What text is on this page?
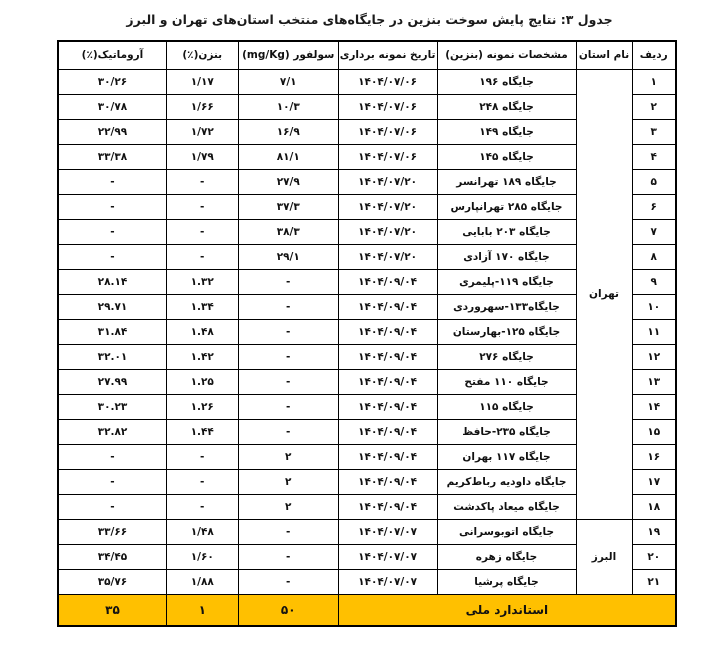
جدول ۳: نتایج پایش سوخت بنزین در جایگاه‌های منتخب استان‌های تهران و البرز
ردیف	نام استان	مشخصات نمونه (بنزین)	تاریخ نمونه برداری	سولفور (mg/Kg)	بنزن(٪)	آروماتیک(٪)
۱	تهران	جایگاه ۱۹۶	۱۴۰۴/۰۷/۰۶	۷/۱	۱/۱۷	۳۰/۲۶
۲		جایگاه ۲۴۸	۱۴۰۴/۰۷/۰۶	۱۰/۳	۱/۶۶	۳۰/۷۸
۳		جایگاه ۱۴۹	۱۴۰۴/۰۷/۰۶	۱۶/۹	۱/۷۲	۲۲/۹۹
۴		جایگاه ۱۴۵	۱۴۰۴/۰۷/۰۶	۸۱/۱	۱/۷۹	۳۳/۳۸
۵		جایگاه ۱۸۹ تهرانسر	۱۴۰۴/۰۷/۲۰	۲۷/۹	-	-
۶		جایگاه ۲۸۵ تهرانپارس	۱۴۰۴/۰۷/۲۰	۳۷/۳	-	-
۷		جایگاه ۲۰۳ بابایی	۱۴۰۴/۰۷/۲۰	۳۸/۳	-	-
۸		جایگاه ۱۷۰ آزادی	۱۴۰۴/۰۷/۲۰	۲۹/۱	-	-
۹		جایگاه ۱۱۹-پلیمری	۱۴۰۴/۰۹/۰۴	-	۱.۳۲	۲۸.۱۴
۱۰		جایگاه۱۳۳-سهروردی	۱۴۰۴/۰۹/۰۴	-	۱.۳۴	۲۹.۷۱
۱۱		جایگاه ۱۲۵-بهارستان	۱۴۰۴/۰۹/۰۴	-	۱.۴۸	۳۱.۸۴
۱۲		جایگاه ۲۷۶	۱۴۰۴/۰۹/۰۴	-	۱.۴۲	۳۲.۰۱
۱۳		جایگاه ۱۱۰ مفتح	۱۴۰۴/۰۹/۰۴	-	۱.۲۵	۲۷.۹۹
۱۴		جایگاه ۱۱۵	۱۴۰۴/۰۹/۰۴	-	۱.۲۶	۳۰.۲۳
۱۵		جایگاه ۲۳۵-حافظ	۱۴۰۴/۰۹/۰۴	-	۱.۴۴	۳۲.۸۲
۱۶		جایگاه ۱۱۷ بهران	۱۴۰۴/۰۹/۰۴	۲	-	-
۱۷		جایگاه داودیه رباط‌کریم	۱۴۰۴/۰۹/۰۴	۲	-	-
۱۸		جایگاه میعاد پاکدشت	۱۴۰۴/۰۹/۰۴	۲	-	-
۱۹	البرز	جایگاه اتوبوسرانی	۱۴۰۴/۰۷/۰۷	-	۱/۴۸	۳۳/۶۶
۲۰		جایگاه زهره	۱۴۰۴/۰۷/۰۷	-	۱/۶۰	۳۴/۴۵
۲۱		جایگاه پرشیا	۱۴۰۴/۰۷/۰۷	-	۱/۸۸	۳۵/۷۶
استاندارد ملی				۵۰	۱	۳۵
